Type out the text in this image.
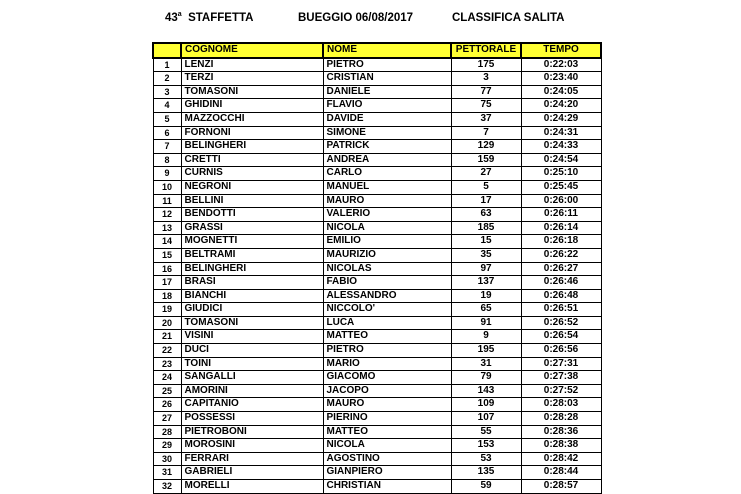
43$^a$ STAFFETTA	BUEGGIO 06/08/2017	CLASSIFICA SALITA
	COGNOME	NOME	PETTORALE	TEMPO
1	LENZI	PIETRO	175	0:22:03
2	TERZI	CRISTIAN	3	0:23:40
3	TOMASONI	DANIELE	77	0:24:05
4	GHIDINI	FLAVIO	75	0:24:20
5	MAZZOCCHI	DAVIDE	37	0:24:29
6	FORNONI	SIMONE	7	0:24:31
7	BELINGHERI	PATRICK	129	0:24:33
8	CRETTI	ANDREA	159	0:24:54
9	CURNIS	CARLO	27	0:25:10
10	NEGRONI	MANUEL	5	0:25:45
11	BELLINI	MAURO	17	0:26:00
12	BENDOTTI	VALERIO	63	0:26:11
13	GRASSI	NICOLA	185	0:26:14
14	MOGNETTI	EMILIO	15	0:26:18
15	BELTRAMI	MAURIZIO	35	0:26:22
16	BELINGHERI	NICOLAS	97	0:26:27
17	BRASI	FABIO	137	0:26:46
18	BIANCHI	ALESSANDRO	19	0:26:48
19	GIUDICI	NICCOLO'	65	0:26:51
20	TOMASONI	LUCA	91	0:26:52
21	VISINI	MATTEO	9	0:26:54
22	DUCI	PIETRO	195	0:26:56
23	TOINI	MARIO	31	0:27:31
24	SANGALLI	GIACOMO	79	0:27:38
25	AMORINI	JACOPO	143	0:27:52
26	CAPITANIO	MAURO	109	0:28:03
27	POSSESSI	PIERINO	107	0:28:28
28	PIETROBONI	MATTEO	55	0:28:36
29	MOROSINI	NICOLA	153	0:28:38
30	FERRARI	AGOSTINO	53	0:28:42
31	GABRIELI	GIANPIERO	135	0:28:44
32	MORELLI	CHRISTIAN	59	0:28:57
